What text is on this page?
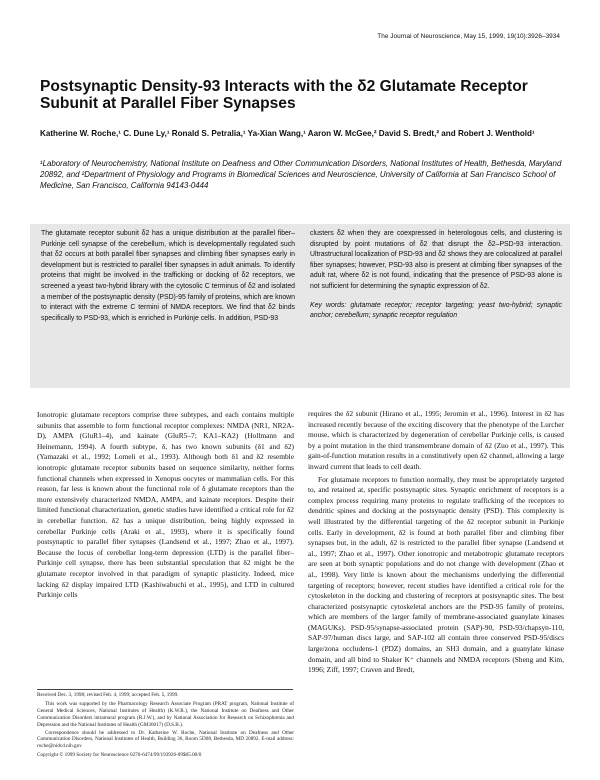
The Journal of Neuroscience, May 15, 1999, 19(10):3926–3934
Postsynaptic Density-93 Interacts with the δ2 Glutamate Receptor Subunit at Parallel Fiber Synapses
Katherine W. Roche,¹ C. Dune Ly,¹ Ronald S. Petralia,¹ Ya-Xian Wang,¹ Aaron W. McGee,² David S. Bredt,² and Robert J. Wenthold¹
¹Laboratory of Neurochemistry, National Institute on Deafness and Other Communication Disorders, National Institutes of Health, Bethesda, Maryland 20892, and ²Department of Physiology and Programs in Biomedical Sciences and Neuroscience, University of California at San Francisco School of Medicine, San Francisco, California 94143-0444

The glutamate receptor subunit δ2 has a unique distribution at the parallel fiber–Purkinje cell synapse of the cerebellum, which is developmentally regulated such that δ2 occurs at both parallel fiber synapses and climbing fiber synapses early in development but is restricted to parallel fiber synapses in adult animals. To identify proteins that might be involved in the trafficking or docking of δ2 receptors, we screened a yeast two-hybrid library with the cytosolic C terminus of δ2 and isolated a member of the postsynaptic density (PSD)-95 family of proteins, which are known to interact with the extreme C termini of NMDA receptors. We find that δ2 binds specifically to PSD-93, which is enriched in Purkinje cells. In addition, PSD-93

clusters δ2 when they are coexpressed in heterologous cells, and clustering is disrupted by point mutations of δ2 that disrupt the δ2–PSD-93 interaction. Ultrastructural localization of PSD-93 and δ2 shows they are colocalized at parallel fiber synapses; however, PSD-93 also is present at climbing fiber synapses of the adult rat, where δ2 is not found, indicating that the presence of PSD-93 alone is not sufficient for determining the synaptic expression of δ2.

Key words: glutamate receptor; receptor targeting; yeast two-hybrid; synaptic anchor; cerebellum; synaptic receptor regulation

Ionotropic glutamate receptors comprise three subtypes, and each contains multiple subunits that assemble to form functional receptor complexes: NMDA (NR1, NR2A-D), AMPA (GluR1–4), and kainate (GluR5–7; KA1–KA2) (Hollmann and Heinemann, 1994). A fourth subtype, δ, has two known subunits (δ1 and δ2) (Yamazaki et al., 1992; Lomeli et al., 1993). Although both δ1 and δ2 resemble ionotropic glutamate receptor subunits based on sequence similarity, neither forms functional channels when expressed in Xenopus oocytes or mammalian cells. For this reason, far less is known about the functional role of δ glutamate receptors than the more extensively characterized NMDA, AMPA, and kainate receptors. Despite their limited functional characterization, genetic studies have identified a critical role for δ2 in cerebellar function. δ2 has a unique distribution, being highly expressed in cerebellar Purkinje cells (Araki et al., 1993), where it is specifically found postsynaptic to parallel fiber synapses (Landsend et al., 1997; Zhao et al., 1997). Because the locus of cerebellar long-term depression (LTD) is the parallel fiber–Purkinje cell synapse, there has been substantial speculation that δ2 might be the glutamate receptor involved in that paradigm of synaptic plasticity. Indeed, mice lacking δ2 display impaired LTD (Kashiwabuchi et al., 1995), and LTD in cultured Purkinje cells

requires the δ2 subunit (Hirano et al., 1995; Jeromin et al., 1996). Interest in δ2 has increased recently because of the exciting discovery that the phenotype of the Lurcher mouse, which is characterized by degeneration of cerebellar Purkinje cells, is caused by a point mutation in the third transmembrane domain of δ2 (Zuo et al., 1997). This gain-of-function mutation results in a constitutively open δ2 channel, allowing a large inward current that leads to cell death.

For glutamate receptors to function normally, they must be appropriately targeted to, and retained at, specific postsynaptic sites. Synaptic enrichment of receptors is a complex process requiring many proteins to regulate trafficking of the receptors to dendritic spines and docking at the postsynaptic density (PSD). This complexity is well illustrated by the differential targeting of the δ2 receptor subunit in Purkinje cells. Early in development, δ2 is found at both parallel fiber and climbing fiber synapses but, in the adult, δ2 is restricted to the parallel fiber synapse (Landsend et al., 1997; Zhao et al., 1997). Other ionotropic and metabotropic glutamate receptors are seen at both synaptic populations and do not change with development (Zhao et al., 1998). Very little is known about the mechanisms underlying the differential targeting of receptors; however, recent studies have identified a critical role for the cytoskeleton in the docking and clustering of receptors at postsynaptic sites. The best characterized postsynaptic cytoskeletal anchors are the PSD-95 family of proteins, which are members of the larger family of membrane-associated guanylate kinases (MAGUKs). PSD-95/synapse-associated protein (SAP)-90, PSD-93/chapsyn-110, SAP-97/human discs large, and SAP-102 all contain three conserved PSD-95/discs large/zona occludens-1 (PDZ) domains, an SH3 domain, and a guanylate kinase domain, and all bind to Shaker K⁺ channels and NMDA receptors (Sheng and Kim, 1996; Ziff, 1997; Craven and Bredt,

Received Dec. 3, 1998; revised Feb. 4, 1999; accepted Feb. 5, 1999.

This work was supported by the Pharmacology Research Associate Program (PRAT program, National Institute of General Medical Sciences, National Institutes of Health) (K.W.R.), the National Institute on Deafness and Other Communication Disorders intramural program (R.J.W.), and by National Association for Research on Schizophrenia and Depression and the National Institutes of Health (GM36017) (D.S.B.).

Correspondence should be addressed to Dr. Katherine W. Roche, National Institute on Deafness and Other Communication Disorders, National Institutes of Health, Building 36, Room 5D08, Bethesda, MD 20892. E-mail address: roche@nidcd.nih.gov

Copyright © 1999 Society for Neuroscience 0270-6474/99/193926-09$05.00/0
